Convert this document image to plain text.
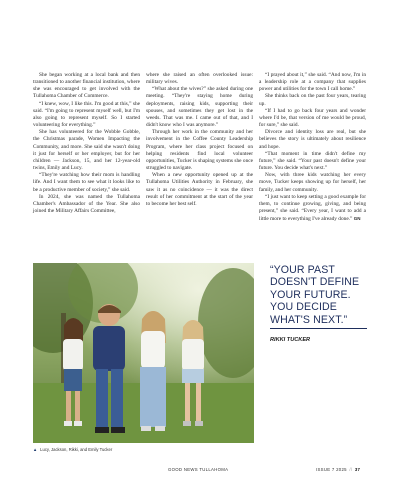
She began working at a local bank and then transitioned to another financial institution, where she was encouraged to get involved with the Tullahoma Chamber of Commerce.

“I knew, wow, I like this. I'm good at this,” she said. “I'm going to represent myself well, but I'm also going to represent myself. So I started volunteering for everything.”

She has volunteered for the Wobble Gobble, the Christmas parade, Women Impacting the Community, and more. She said she wasn't doing it just for herself or her employer, but for her children — Jackson, 15, and her 12-year-old twins, Emily and Lucy.

“They're watching how their mom is handling life. And I want them to see what it looks like to be a productive member of society,” she said.

In 2024, she was named the Tullahoma Chamber's Ambassador of the Year. She also joined the Military Affairs Committee,

where she raised an often overlooked issue: military wives.

“What about the wives?” she asked during one meeting. “They're staying home during deployments, raising kids, supporting their spouses, and sometimes they get lost in the weeds. That was me. I came out of that, and I didn't know who I was anymore.”

Through her work in the community and her involvement in the Coffee County Leadership Program, where her class project focused on helping residents find local volunteer opportunities, Tucker is shaping systems she once struggled to navigate.

When a new opportunity opened up at the Tullahoma Utilities Authority in February, she saw it as no coincidence — it was the direct result of her commitment at the start of the year to become her best self.

“I prayed about it,” she said. “And now, I'm in a leadership role at a company that supplies power and utilities for the town I call home.”

She thinks back on the past four years, tearing up.

“If I had to go back four years and wonder where I'd be, that version of me would be proud, for sure,” she said.

Divorce and identity loss are real, but she believes the story is ultimately about resilience and hope.

“That moment in time didn't define my future,” she said. “Your past doesn't define your future. You decide what's next.”

Now, with three kids watching her every move, Tucker keeps showing up for herself, her family, and her community.

“I just want to keep setting a good example for them, to continue growing, giving, and being present,” she said. “Every year, I want to add a little more to everything I've already done.” GN

▲ Lucy, Jackson, Rikki, and Emily Tucker
“YOUR PAST DOESN'T DEFINE YOUR FUTURE. YOU DECIDE WHAT'S NEXT.”
RIKKI TUCKER
GOOD NEWS TULLAHOMA	ISSUE 7 2025 // 37
